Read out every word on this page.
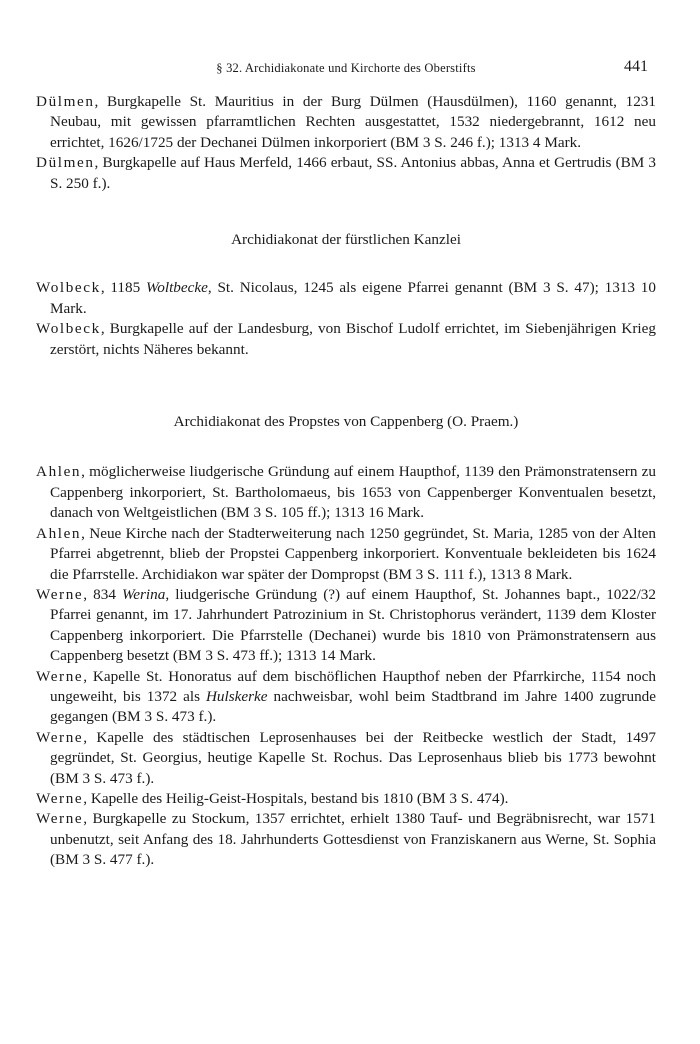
§ 32. Archidiakonate und Kirchorte des Oberstifts	441

Dülmen, Burgkapelle St. Mauritius in der Burg Dülmen (Hausdülmen), 1160 genannt, 1231 Neubau, mit gewissen pfarramtlichen Rechten ausgestattet, 1532 niedergebrannt, 1612 neu errichtet, 1626/1725 der Dechanei Dülmen inkorporiert (BM 3 S. 246 f.); 1313 4 Mark.

Dülmen, Burgkapelle auf Haus Merfeld, 1466 erbaut, SS. Antonius abbas, Anna et Gertrudis (BM 3 S. 250 f.).

Archidiakonat der fürstlichen Kanzlei

Wolbeck, 1185 Woltbecke, St. Nicolaus, 1245 als eigene Pfarrei genannt (BM 3 S. 47); 1313 10 Mark.

Wolbeck, Burgkapelle auf der Landesburg, von Bischof Ludolf errichtet, im Siebenjährigen Krieg zerstört, nichts Näheres bekannt.

Archidiakonat des Propstes von Cappenberg (O. Praem.)

Ahlen, möglicherweise liudgerische Gründung auf einem Haupthof, 1139 den Prämonstratensern zu Cappenberg inkorporiert, St. Bartholomaeus, bis 1653 von Cappenberger Konventualen besetzt, danach von Weltgeistlichen (BM 3 S. 105 ff.); 1313 16 Mark.

Ahlen, Neue Kirche nach der Stadterweiterung nach 1250 gegründet, St. Maria, 1285 von der Alten Pfarrei abgetrennt, blieb der Propstei Cappenberg inkorporiert. Konventuale bekleideten bis 1624 die Pfarrstelle. Archidiakon war später der Dompropst (BM 3 S. 111 f.), 1313 8 Mark.

Werne, 834 Werina, liudgerische Gründung (?) auf einem Haupthof, St. Johannes bapt., 1022/32 Pfarrei genannt, im 17. Jahrhundert Patrozinium in St. Christophorus verändert, 1139 dem Kloster Cappenberg inkorporiert. Die Pfarrstelle (Dechanei) wurde bis 1810 von Prämonstratensern aus Cappenberg besetzt (BM 3 S. 473 ff.); 1313 14 Mark.

Werne, Kapelle St. Honoratus auf dem bischöflichen Haupthof neben der Pfarrkirche, 1154 noch ungeweiht, bis 1372 als Hulskerke nachweisbar, wohl beim Stadtbrand im Jahre 1400 zugrunde gegangen (BM 3 S. 473 f.).

Werne, Kapelle des städtischen Leprosenhauses bei der Reitbecke westlich der Stadt, 1497 gegründet, St. Georgius, heutige Kapelle St. Rochus. Das Leprosenhaus blieb bis 1773 bewohnt (BM 3 S. 473 f.).

Werne, Kapelle des Heilig-Geist-Hospitals, bestand bis 1810 (BM 3 S. 474).

Werne, Burgkapelle zu Stockum, 1357 errichtet, erhielt 1380 Tauf- und Begräbnisrecht, war 1571 unbenutzt, seit Anfang des 18. Jahrhunderts Gottesdienst von Franziskanern aus Werne, St. Sophia (BM 3 S. 477 f.).
